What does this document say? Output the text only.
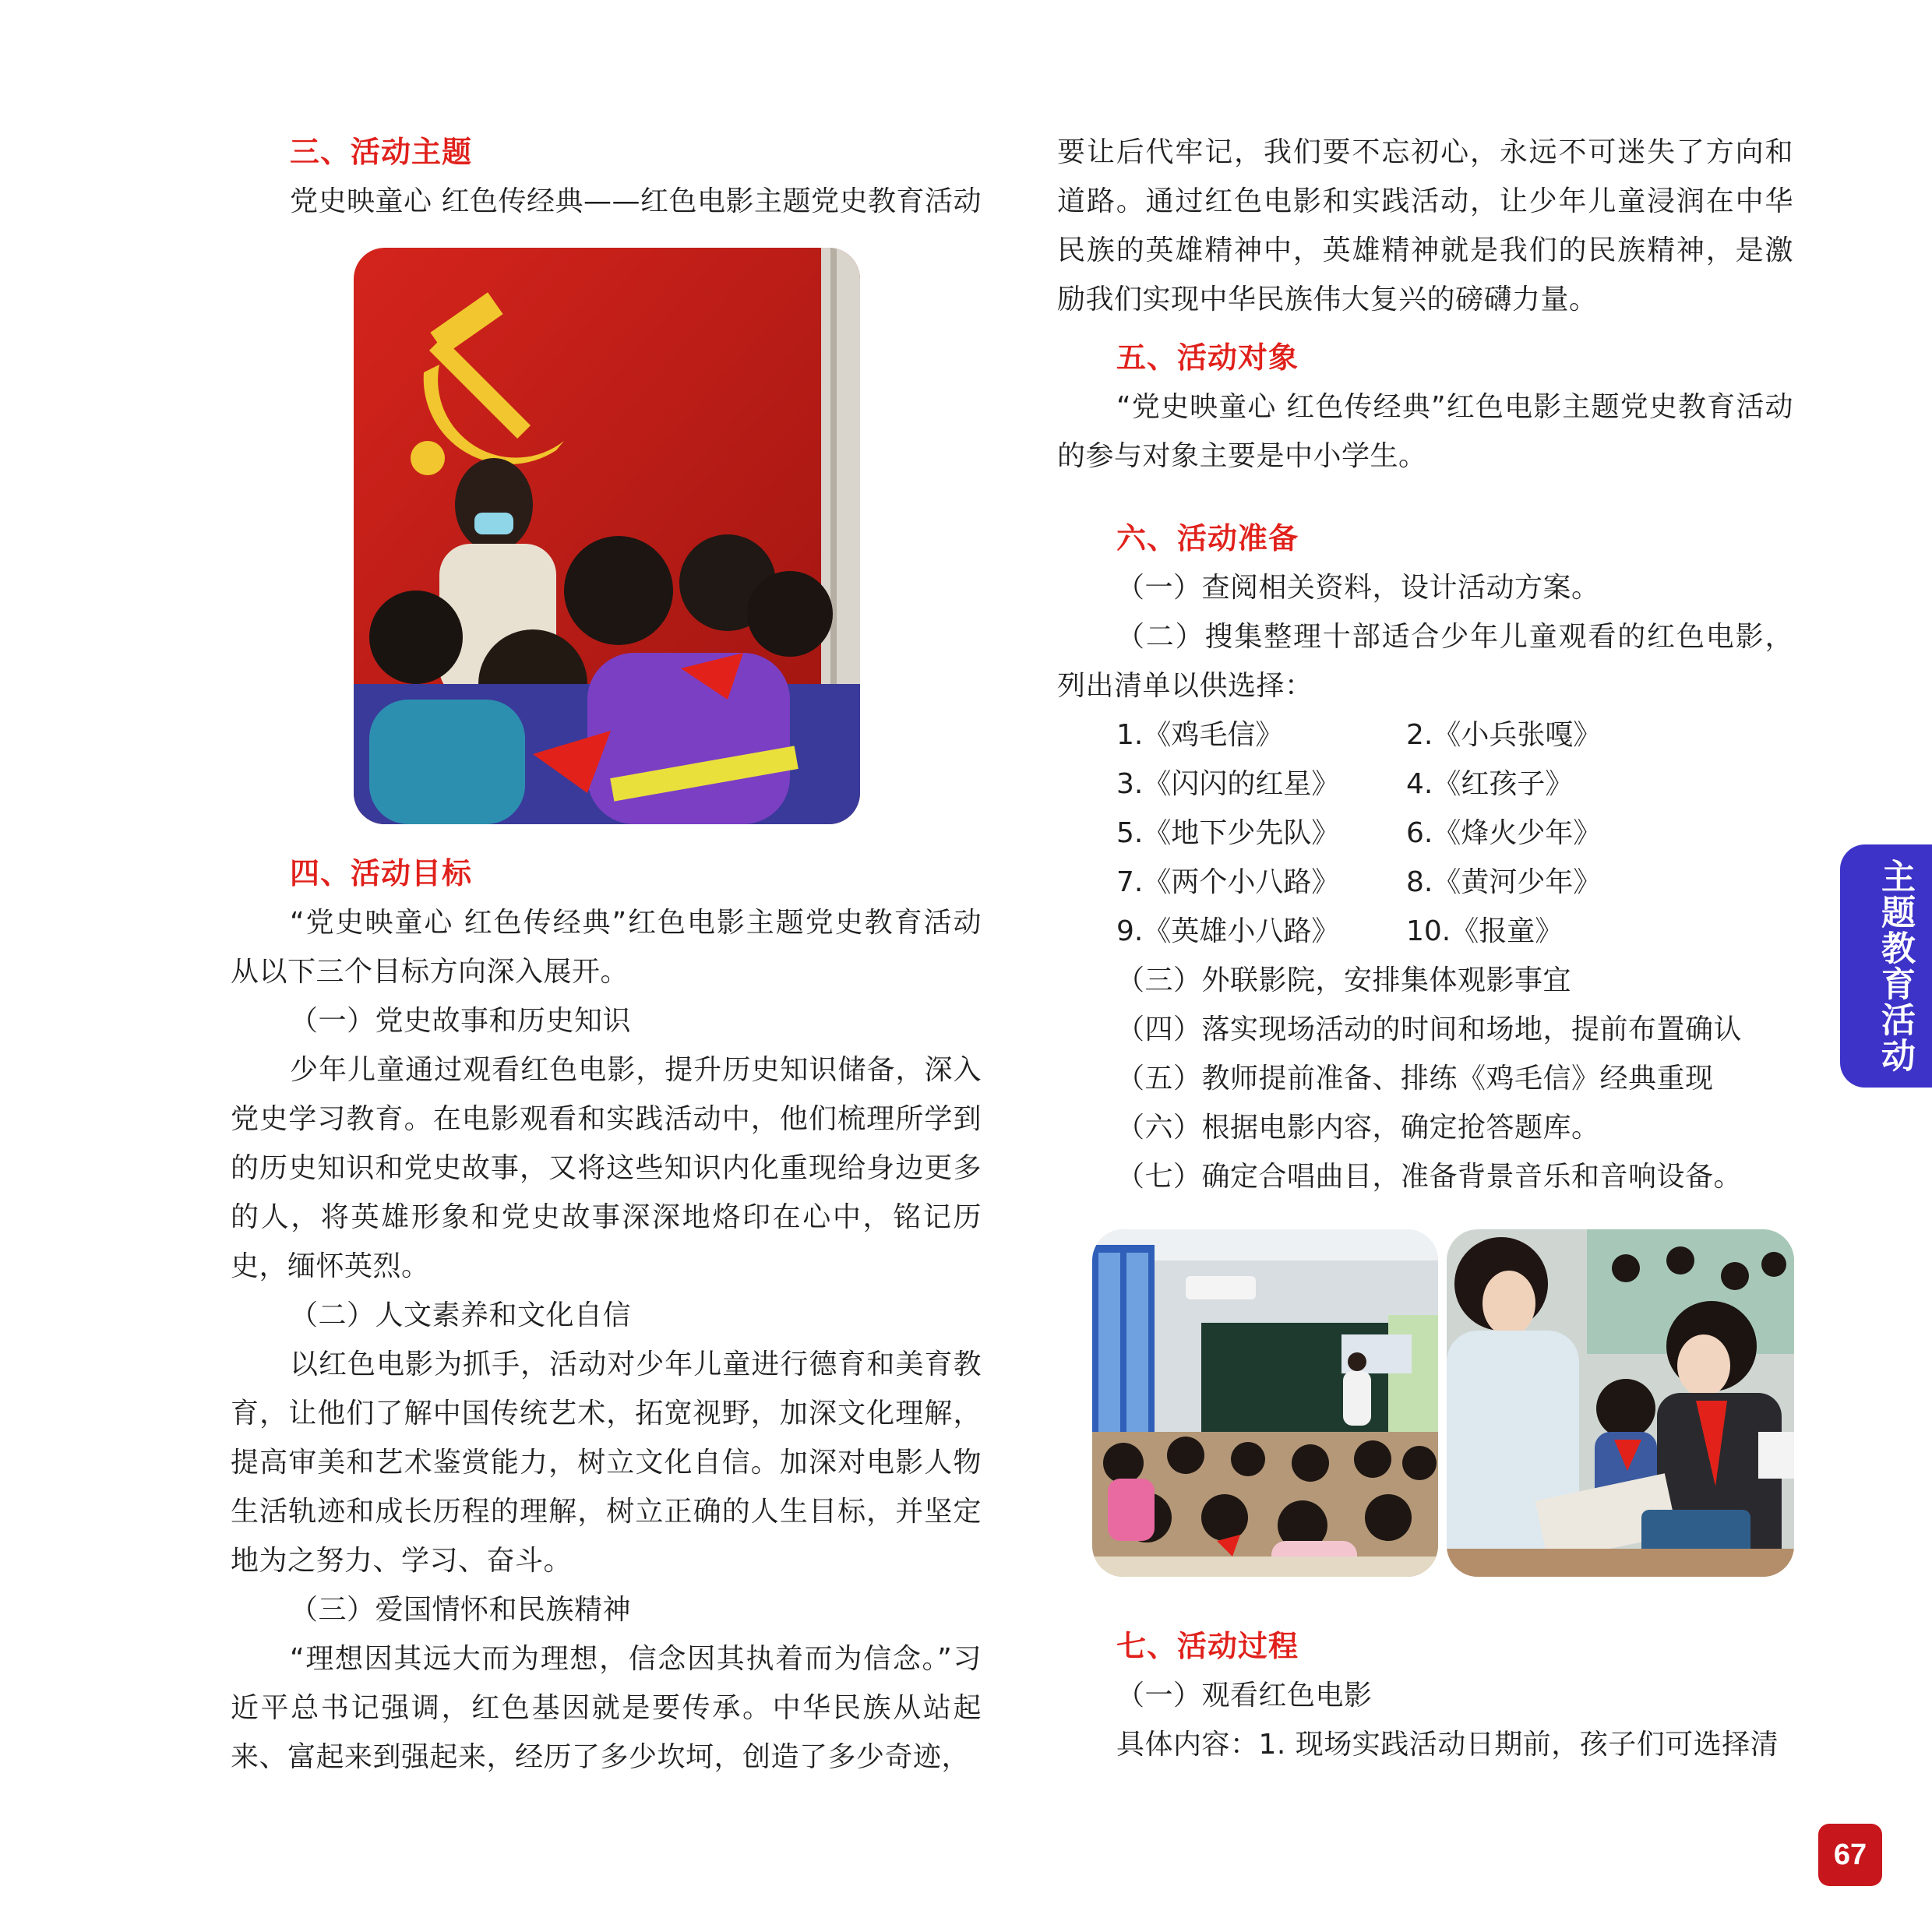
三、活动主题

党史映童心 红色传经典——红色电影主题党史教育活动

四、活动目标

“党史映童心 红色传经典”红色电影主题党史教育活动从以下三个目标方向深入展开。

（一）党史故事和历史知识

少年儿童通过观看红色电影，提升历史知识储备，深入党史学习教育。在电影观看和实践活动中，他们梳理所学到的历史知识和党史故事，又将这些知识内化重现给身边更多的人，将英雄形象和党史故事深深地烙印在心中，铭记历史，缅怀英烈。

（二）人文素养和文化自信

以红色电影为抓手，活动对少年儿童进行德育和美育教育，让他们了解中国传统艺术，拓宽视野，加深文化理解，提高审美和艺术鉴赏能力，树立文化自信。加深对电影人物生活轨迹和成长历程的理解，树立正确的人生目标，并坚定地为之努力、学习、奋斗。

（三）爱国情怀和民族精神

“理想因其远大而为理想，信念因其执着而为信念。”习近平总书记强调，红色基因就是要传承。中华民族从站起来、富起来到强起来，经历了多少坎坷，创造了多少奇迹，

要让后代牢记，我们要不忘初心，永远不可迷失了方向和道路。通过红色电影和实践活动，让少年儿童浸润在中华民族的英雄精神中，英雄精神就是我们的民族精神，是激励我们实现中华民族伟大复兴的磅礴力量。

五、活动对象

“党史映童心 红色传经典”红色电影主题党史教育活动的参与对象主要是中小学生。

六、活动准备

（一）查阅相关资料，设计活动方案。

（二）搜集整理十部适合少年儿童观看的红色电影，列出清单以供选择：

1.《鸡毛信》	2.《小兵张嘎》
3.《闪闪的红星》 4.《红孩子》
5.《地下少先队》 6.《烽火少年》
7.《两个小八路》 8.《黄河少年》
9.《英雄小八路》 10.《报童》

（三）外联影院，安排集体观影事宜

（四）落实现场活动的时间和场地，提前布置确认

（五）教师提前准备、排练《鸡毛信》经典重现

（六）根据电影内容，确定抢答题库。

（七）确定合唱曲目，准备背景音乐和音响设备。

七、活动过程

（一）观看红色电影

具体内容：1. 现场实践活动日期前，孩子们可选择清

主题教育活动
67
